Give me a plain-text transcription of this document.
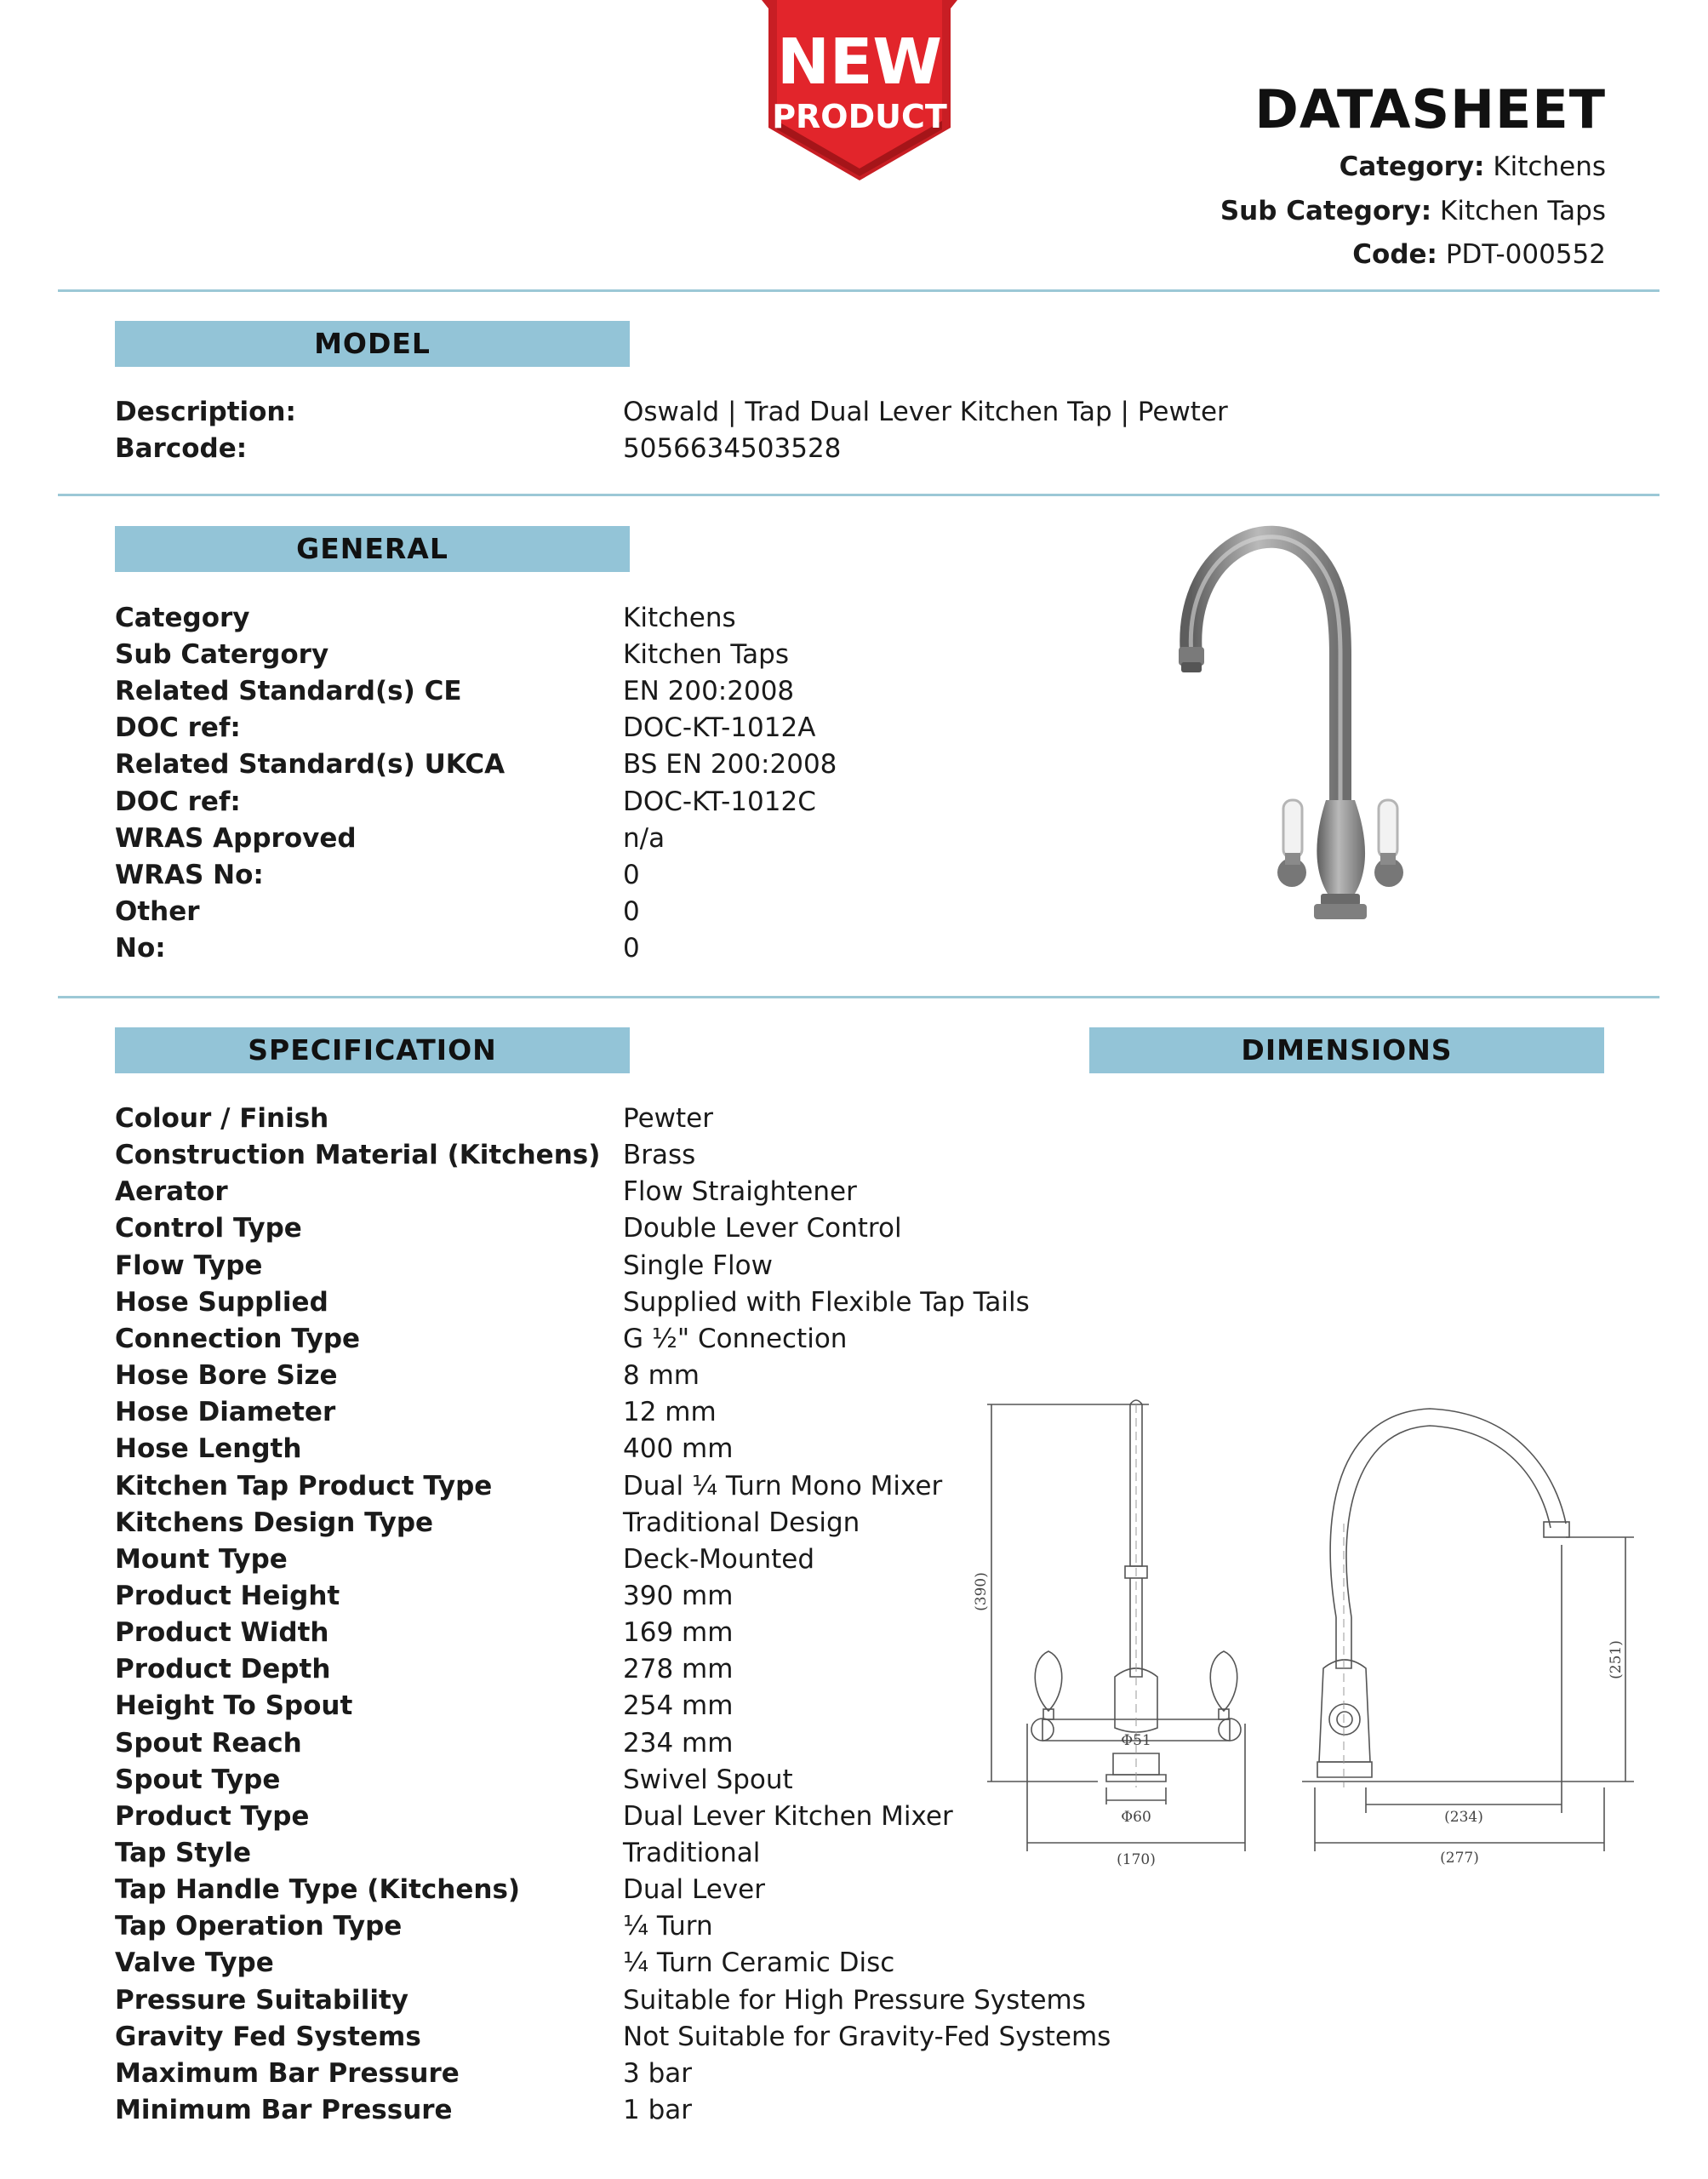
NEW
PRODUCT	DATASHEET
Category: Kitchens
Sub Category: Kitchen Taps
Code: PDT-000552
MODEL
Description:	Oswald | Trad Dual Lever Kitchen Tap | Pewter
Barcode:	5056634503528
GENERAL
Category	Kitchens
Sub Catergory	Kitchen Taps
Related Standard(s) CE	EN 200:2008
DOC ref:	DOC-KT-1012A
Related Standard(s) UKCA	BS EN 200:2008
DOC ref:	DOC-KT-1012C
WRAS Approved	n/a
WRAS No:	0
Other	0
No:	0
SPECIFICATION	DIMENSIONS
Colour / Finish	Pewter
Construction Material (Kitchens) Brass
Aerator	Flow Straightener
Control Type	Double Lever Control
Flow Type	Single Flow
Hose Supplied	Supplied with Flexible Tap Tails
Connection Type	G ½" Connection
Hose Bore Size	8 mm
Hose Diameter	12 mm
Hose Length	400 mm
Kitchen Tap Product Type	Dual ¼ Turn Mono Mixer
Kitchens Design Type	Traditional Design
Mount Type	Deck-Mounted
Product Height	390 mm
Product Width	169 mm
Product Depth	278 mm
Height To Spout	254 mm
Spout Reach	234 mm
Spout Type	Swivel Spout
Product Type	Dual Lever Kitchen Mixer
Tap Style	Traditional
Tap Handle Type (Kitchens)	Dual Lever
Tap Operation Type	¼ Turn
Valve Type	¼ Turn Ceramic Disc
Pressure Suitability	Suitable for High Pressure Systems
Gravity Fed Systems	Not Suitable for Gravity-Fed Systems
Maximum Bar Pressure	3 bar
Minimum Bar Pressure	1 bar
(390)
Φ51
Φ60
(170)
(251)
(234)
(277)
